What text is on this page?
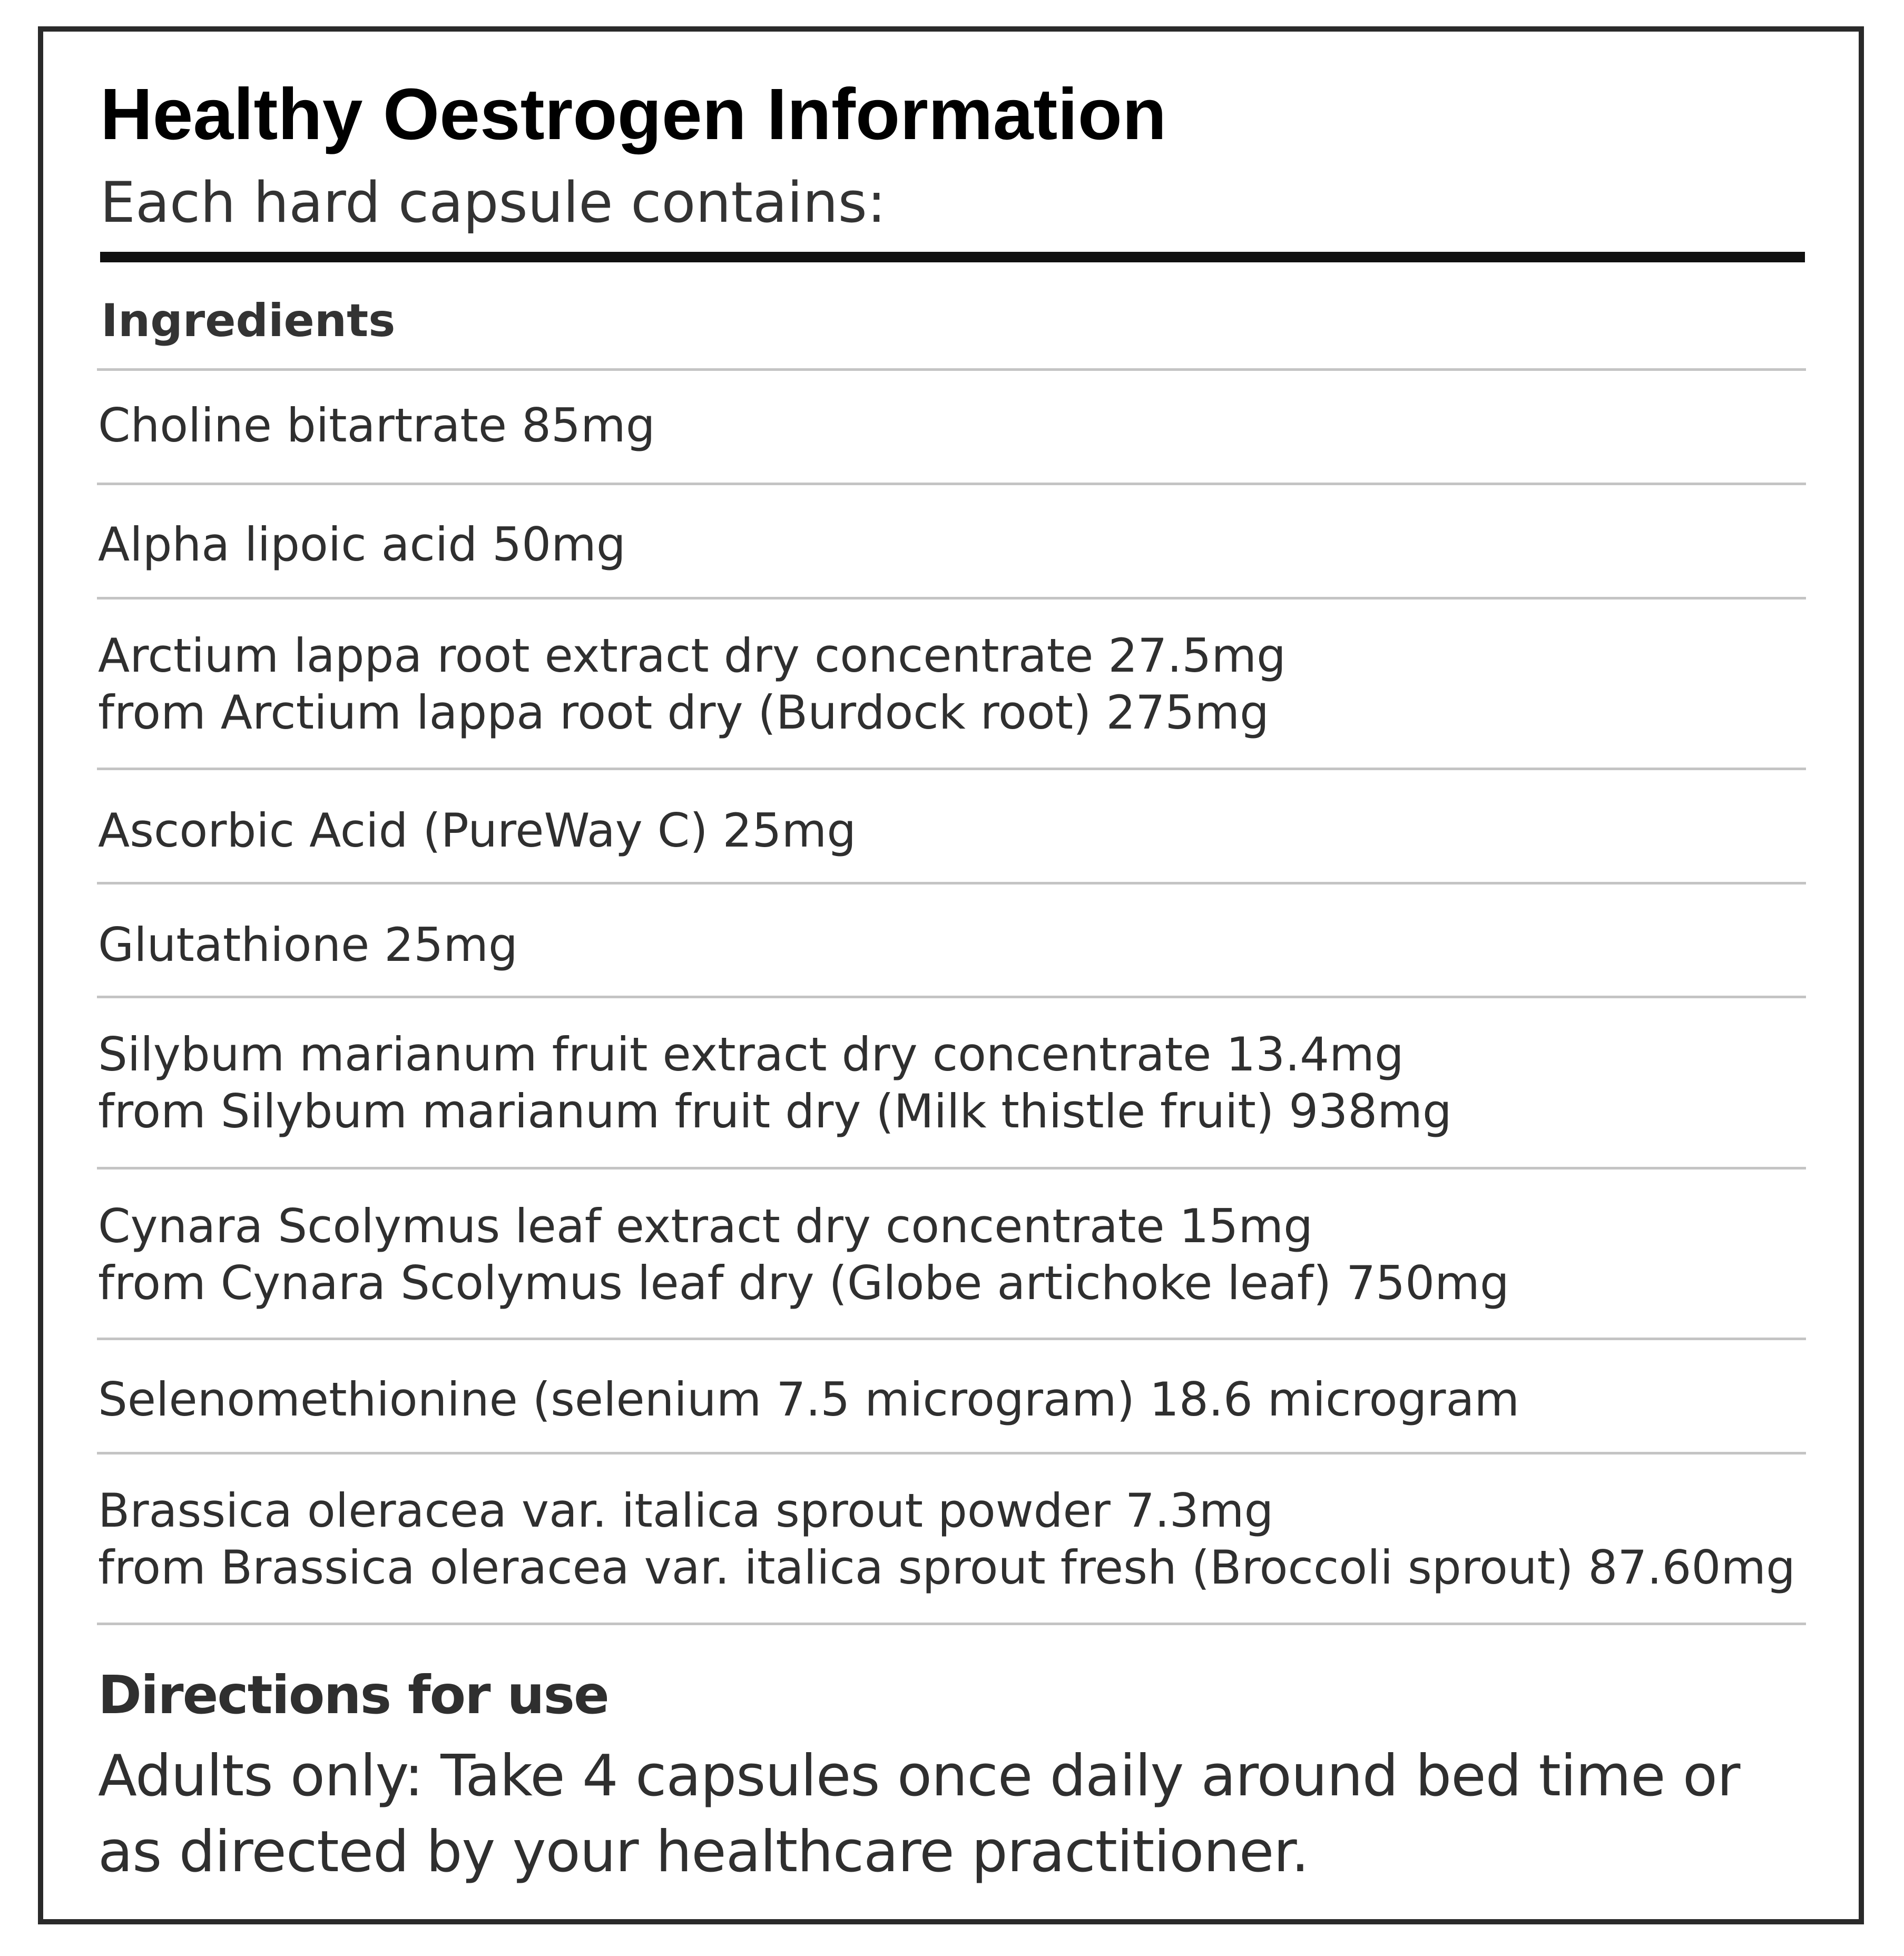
Healthy Oestrogen Information

Each hard capsule contains:

Ingredients
Choline bitartrate 85mg
Alpha lipoic acid 50mg
Arctium lappa root extract dry concentrate 27.5mg
from Arctium lappa root dry (Burdock root) 275mg
Ascorbic Acid (PureWay C) 25mg
Glutathione 25mg
Silybum marianum fruit extract dry concentrate 13.4mg
from Silybum marianum fruit dry (Milk thistle fruit) 938mg
Cynara Scolymus leaf extract dry concentrate 15mg
from Cynara Scolymus leaf dry (Globe artichoke leaf) 750mg
Selenomethionine (selenium 7.5 microgram) 18.6 microgram
Brassica oleracea var. italica sprout powder 7.3mg
from Brassica oleracea var. italica sprout fresh (Broccoli sprout) 87.60mg
Directions for use
Adults only: Take 4 capsules once daily around bed time or as directed by your healthcare practitioner.
